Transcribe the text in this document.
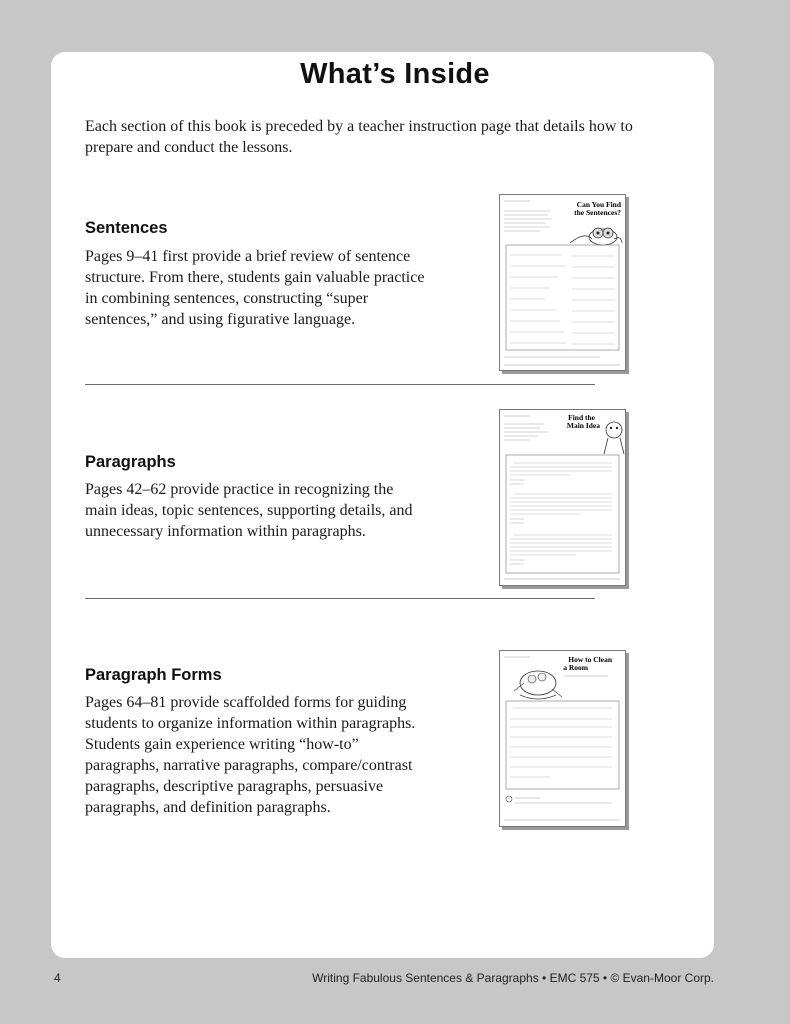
What’s Inside
Each section of this book is preceded by a teacher instruction page that details how to prepare and conduct the lessons.
Sentences
Pages 9–41 first provide a brief review of sentence structure. From there, students gain valuable practice in combining sentences, constructing “super sentences,” and using figurative language.
Can You Find
the Sentences?
Paragraphs
Pages 42–62 provide practice in recognizing the main ideas, topic sentences, supporting details, and unnecessary information within paragraphs.
Find the
Main Idea
Paragraph Forms
Pages 64–81 provide scaffolded forms for guiding students to organize information within paragraphs. Students gain experience writing “how-to” paragraphs, narrative paragraphs, compare/contrast paragraphs, descriptive paragraphs, persuasive paragraphs, and definition paragraphs.
How to Clean
a Room
4	Writing Fabulous Sentences & Paragraphs • EMC 575 • © Evan-Moor Corp.
